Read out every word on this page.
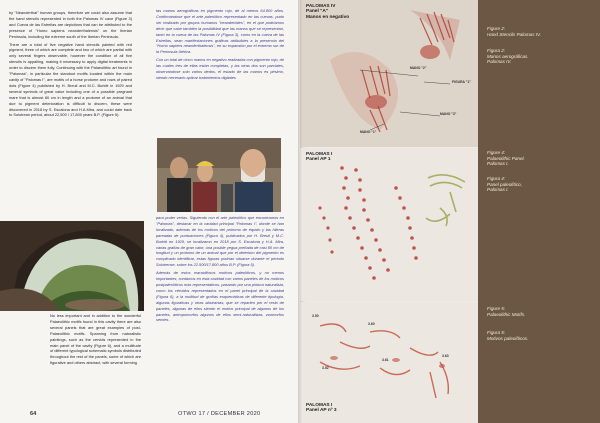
by "Neanderthal" human groups, therefore we could also assume that the hand stencils represented in both the Palomas IV cave (Figure 3) and Cueva de las Estrellas are depictions that can be attributed to the presence of "Homo sapiens neanderthalensis" on the Iberian Peninsula, including the extreme south of the Iberian Peninsula.

There are a total of five negative hand stencils painted with red pigment, three of which are complete and two of which are partial with only several fingers observable, however the condition of all five stencils is appalling, making it necessary to apply digital treatments in order to discern them fully. Continuing with the Palaeolithic art found in "Palomas", in particular the standout motifs located within the main cavity of "Palomas I", are motifs of a horse protome and rows of paired dots (Figure 4) published by H. Breuil and M.C. Burkitt in 1929 and several symbols of great value including one of a possible pregnant mare that is almost 80 cm in length and a protome of an animal that due to pigment deterioration is difficult to discern, these were discovered in 2018 by S. Escalona and H.A Mira, and could date back to Solutrean period, about 22,500 / 17,800 years B.P. (Figure 5).

No less important and in addition to the wonderful Palaeolithic motifs found in this cavity there are also several panels that are great examples of post-Palaeolithic motifs. Spanning from naturalistic paintings, such as the cervids represented in the main panel of the cavity (Figure 6), and a multitude of different typological schematic symbols distributed throughout the rest of the panels, some of which are figurative and others abstract, with several forming

tas manos aerográficas en pigmento rojo, de al menos 64.800 años. Confirmándose que el arte paleolítico representado en las cuevas, pudo ser realizado por grupos humanos "neandertales", en el que podríamos decir que cabe también la posibilidad que las manos que se representan, tanto en la cueva de las Palomas IV (Figura 3), como en la cueva de las Estrellas, sean manifestaciones gráficas atribuibles a la presencia del "Homo sapiens neanderthalensis", en su expansión por el extremo sur de la Península Ibérica.

Con un total de cinco manos en negativo realizadas con pigmento rojo, de las cuales tres de ellas están completas, y las otras dos son parciales, observándose solo varios dedos, el estado de las manos es pésimo, siendo necesario aplicar tratamientos digitales

para poder verlas. Siguiendo con el arte paleolítico que encontramos en "Palomas", destacar en la cavidad principal "Palomas I", donde se han localizado, además de los motivos del prótomo de équido y las hileras pareadas de puntuaciones (Figura 4), publicados por H. Breuil y M.C. Burkitt en 1929, se localizaron en 2018 por S. Escalona y H.A. Mira, varias grafías de gran valor, una posible yegua preñada de casi 80 cm de longitud y un prótomo de un animal que por el deterioro del pigmento es complicado identificar, estas figuras podrían situarse durante el periodo Solutrense, sobre los 22.500/17.800 años B.P. (Figura 5).

Además de estos maravillosos motivos paleolíticos, y no menos importantes, contamos en esta cavidad con varios paneles de los motivos postpaleolíticos más representativos, pasando por una pintura naturalista, como los cérvidos representados en el panel principal de la cavidad (Figura 6), a la multitud de grafías esquemáticas de diferente tipología, algunas figurativas y otras abstractas, que se reparten por el resto de paneles, algunas de ellos siendo el motivo principal de algunos de los paneles, antropomorfos algunos de ellos semi-naturalistas, zoomorfos semies-

64	OTWO 17 / DECEMBER 2020
PALOMAS IV
Panel "A"
Manos en negativo
MANO "2"
FIGURA "1"
MANO "3"
MANO "1"
PALOMAS I
Panel AP 1
3.50
3.60
3.61
3.52
3.63
PALOMAS I
Panel AP nº 3
Figure 2:
Hand Stencils Palomas IV.
Figura 2:
Manos aerográficas.
Palomas IV.
Figure 4:
Palaeolithic Panel.
Palomas I.
Figura 4:
Panel paleolítico,
Palomas I.
Figure 5:
Palaeolithic Motifs.
Figura 5:
Motivos paleolíticos.
